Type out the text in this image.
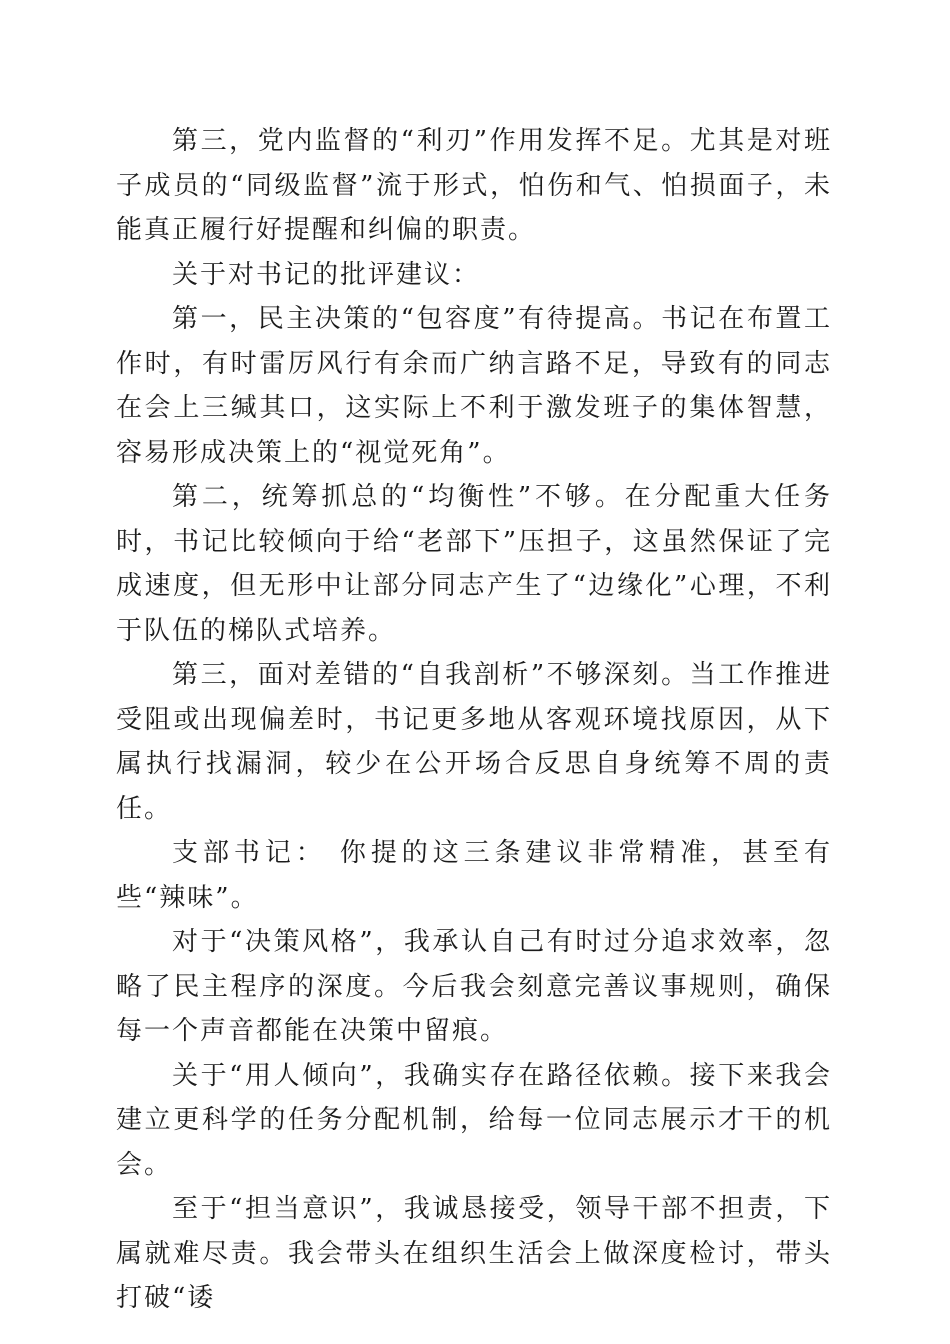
第三，党内监督的“利刃”作用发挥不足。尤其是对班子成员的“同级监督”流于形式，怕伤和气、怕损面子，未能真正履行好提醒和纠偏的职责。

关于对书记的批评建议：

第一，民主决策的“包容度”有待提高。书记在布置工作时，有时雷厉风行有余而广纳言路不足，导致有的同志在会上三缄其口，这实际上不利于激发班子的集体智慧，容易形成决策上的“视觉死角”。

第二，统筹抓总的“均衡性”不够。在分配重大任务时，书记比较倾向于给“老部下”压担子，这虽然保证了完成速度，但无形中让部分同志产生了“边缘化”心理，不利于队伍的梯队式培养。

第三，面对差错的“自我剖析”不够深刻。当工作推进受阻或出现偏差时，书记更多地从客观环境找原因，从下属执行找漏洞，较少在公开场合反思自身统筹不周的责任。

支部书记： 你提的这三条建议非常精准，甚至有些“辣味”。

对于“决策风格”，我承认自己有时过分追求效率，忽略了民主程序的深度。今后我会刻意完善议事规则，确保每一个声音都能在决策中留痕。

关于“用人倾向”，我确实存在路径依赖。接下来我会建立更科学的任务分配机制，给每一位同志展示才干的机会。

至于“担当意识”，我诚恳接受，领导干部不担责，下属就难尽责。我会带头在组织生活会上做深度检讨，带头打破“诿
